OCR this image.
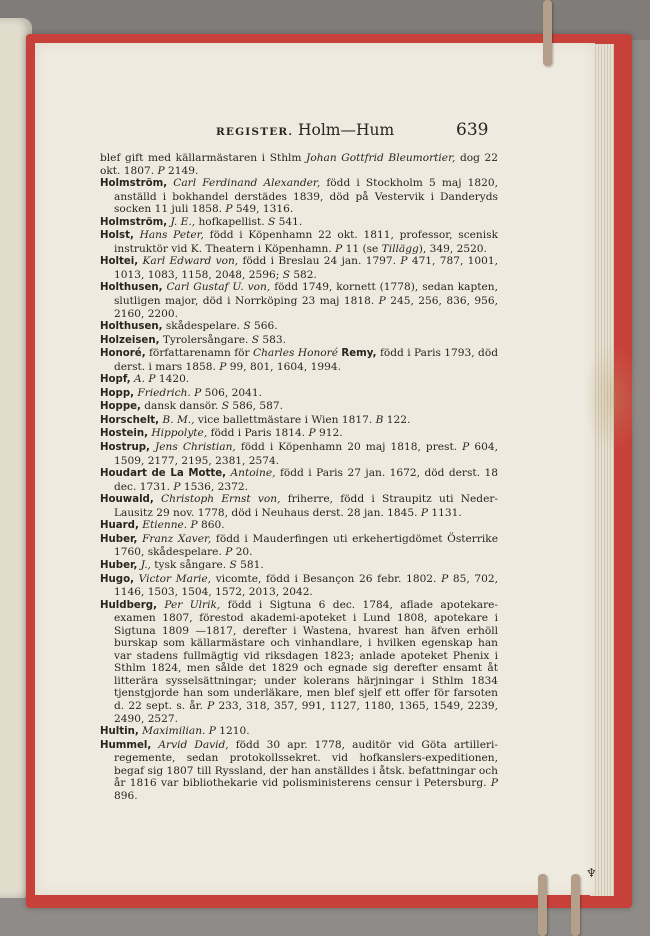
REGISTER. Holm—Hum	639

blef gift med källarmästaren i Sthlm Johan Gottfrid Bleumortier, dog 22 okt. 1807. P 2149.

Holmström, Carl Ferdinand Alexander, född i Stockholm 5 maj 1820, anställd i bokhandel derstädes 1839, död på Vestervik i Danderyds socken 11 juli 1858. P 549, 1316.

Holmström, J. E., hofkapellist. S 541.

Holst, Hans Peter, född i Köpenhamn 22 okt. 1811, professor, scenisk instruktör vid K. Theatern i Köpenhamn. P 11 (se Tillägg), 349, 2520.

Holtei, Karl Edward von, född i Breslau 24 jan. 1797. P 471, 787, 1001, 1013, 1083, 1158, 2048, 2596; S 582.

Holthusen, Carl Gustaf U. von, född 1749, kornett (1778), sedan kapten, slutligen major, död i Norrköping 23 maj 1818. P 245, 256, 836, 956, 2160, 2200.

Holthusen, skådespelare. S 566.

Holzeisen, Tyrolersångare. S 583.

Honoré, författarenamn för Charles Honoré Remy, född i Paris 1793, död derst. i mars 1858. P 99, 801, 1604, 1994.

Hopf, A. P 1420.

Hopp, Friedrich. P 506, 2041.

Hoppe, dansk dansör. S 586, 587.

Horschelt, B. M., vice ballettmästare i Wien 1817. B 122.

Hostein, Hippolyte, född i Paris 1814. P 912.

Hostrup, Jens Christian, född i Köpenhamn 20 maj 1818, prest. P 604, 1509, 2177, 2195, 2381, 2574.

Houdart de La Motte, Antoine, född i Paris 27 jan. 1672, död derst. 18 dec. 1731. P 1536, 2372.

Houwald, Christoph Ernst von, friherre, född i Straupitz uti Neder-Lausitz 29 nov. 1778, död i Neuhaus derst. 28 jan. 1845. P 1131.

Huard, Etienne. P 860.

Huber, Franz Xaver, född i Mauderfingen uti erkehertigdömet Österrike 1760, skådespelare. P 20.

Huber, J., tysk sångare. S 581.

Hugo, Victor Marie, vicomte, född i Besançon 26 febr. 1802. P 85, 702, 1146, 1503, 1504, 1572, 2013, 2042.

Huldberg, Per Ulrik, född i Sigtuna 6 dec. 1784, aflade apotekare-examen 1807, förestod akademi-apoteket i Lund 1808, apotekare i Sigtuna 1809 —1817, derefter i Wastena, hvarest han äfven erhöll burskap som källarmästare och vinhandlare, i hvilken egenskap han var stadens fullmägtig vid riksdagen 1823; anlade apoteket Phenix i Sthlm 1824, men sålde det 1829 och egnade sig derefter ensamt åt litterära sysselsättningar; under kolerans härjningar i Sthlm 1834 tjenstgjorde han som underläkare, men blef sjelf ett offer för farsoten d. 22 sept. s. år. P 233, 318, 357, 991, 1127, 1180, 1365, 1549, 2239, 2490, 2527.

Hultin, Maximilian. P 1210.

Hummel, Arvid David, född 30 apr. 1778, auditör vid Göta artilleri-regemente, sedan protokollssekret. vid hofkanslers-expeditionen, begaf sig 1807 till Ryssland, der han anställdes i åtsk. befattningar och år 1816 var bibliothekarie vid polisministerens censur i Petersburg. P 896.

♆
